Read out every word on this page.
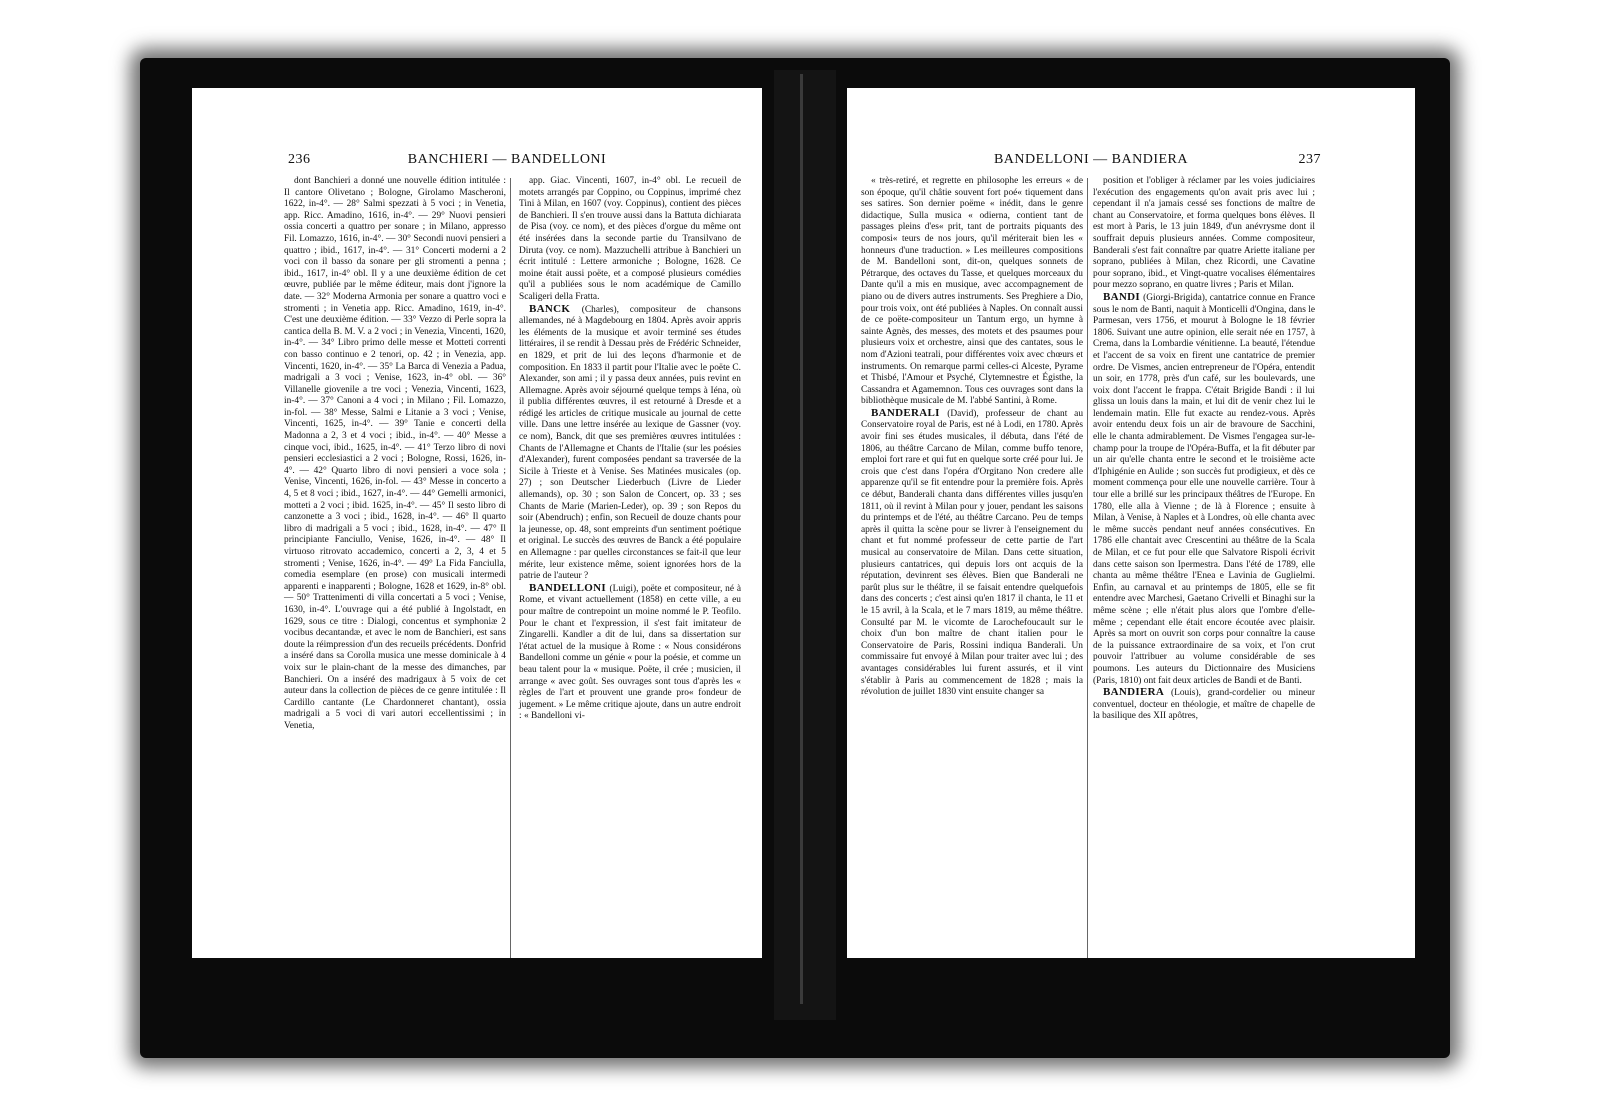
236	BANCHIERI — BANDELLONI

dont Banchieri a donné une nouvelle édition intitulée : Il cantore Olivetano ; Bologne, Girolamo Mascheroni, 1622, in-4°. — 28° Salmi spezzati à 5 voci ; in Venetia, app. Ricc. Amadino, 1616, in-4°. — 29° Nuovi pensieri ossia concerti a quattro per sonare ; in Milano, appresso Fil. Lomazzo, 1616, in-4°. — 30° Secondi nuovi pensieri a quattro ; ibid., 1617, in-4°. — 31° Concerti moderni a 2 voci con il basso da sonare per gli stromenti a penna ; ibid., 1617, in-4° obl. Il y a une deuxième édition de cet œuvre, publiée par le même éditeur, mais dont j'ignore la date. — 32° Moderna Armonia per sonare a quattro voci e stromenti ; in Venetia app. Ricc. Amadino, 1619, in-4°. C'est une deuxième édition. — 33° Vezzo di Perle sopra la cantica della B. M. V. a 2 voci ; in Venezia, Vincenti, 1620, in-4°. — 34° Libro primo delle messe et Motteti correnti con basso continuo e 2 tenori, op. 42 ; in Venezia, app. Vincenti, 1620, in-4°. — 35° La Barca di Venezia a Padua, madrigali a 3 voci ; Venise, 1623, in-4° obl. — 36° Villanelle giovenile a tre voci ; Venezia, Vincenti, 1623, in-4°. — 37° Canoni a 4 voci ; in Milano ; Fil. Lomazzo, in-fol. — 38° Messe, Salmi e Litanie a 3 voci ; Venise, Vincenti, 1625, in-4°. — 39° Tanie e concerti della Madonna a 2, 3 et 4 voci ; ibid., in-4°. — 40° Messe a cinque voci, ibid., 1625, in-4°. — 41° Terzo libro di novi pensieri ecclesiastici a 2 voci ; Bologne, Rossi, 1626, in-4°. — 42° Quarto libro di novi pensieri a voce sola ; Venise, Vincenti, 1626, in-fol. — 43° Messe in concerto a 4, 5 et 8 voci ; ibid., 1627, in-4°. — 44° Gemelli armonici, motteti a 2 voci ; ibid. 1625, in-4°. — 45° Il sesto libro di canzonette a 3 voci ; ibid., 1628, in-4°. — 46° Il quarto libro di madrigali a 5 voci ; ibid., 1628, in-4°. — 47° Il principiante Fanciullo, Venise, 1626, in-4°. — 48° Il virtuoso ritrovato accademico, concerti a 2, 3, 4 et 5 stromenti ; Venise, 1626, in-4°. — 49° La Fida Fanciulla, comedia esemplare (en prose) con musicali intermedi apparenti e inapparenti ; Bologne, 1628 et 1629, in-8° obl. — 50° Trattenimenti di villa concertati a 5 voci ; Venise, 1630, in-4°. L'ouvrage qui a été publié à Ingolstadt, en 1629, sous ce titre : Dialogi, concentus et symphoniæ 2 vocibus decantandæ, et avec le nom de Banchieri, est sans doute la réimpression d'un des recueils précédents. Donfrid a inséré dans sa Corolla musica une messe dominicale à 4 voix sur le plain-chant de la messe des dimanches, par Banchieri. On a inséré des madrigaux à 5 voix de cet auteur dans la collection de pièces de ce genre intitulée : Il Cardillo cantante (Le Chardonneret chantant), ossia madrigali a 5 voci di vari autori eccellentissimi ; in Venetia,

app. Giac. Vincenti, 1607, in-4° obl. Le recueil de motets arrangés par Coppino, ou Coppinus, imprimé chez Tini à Milan, en 1607 (voy. Coppinus), contient des pièces de Banchieri. Il s'en trouve aussi dans la Battuta dichiarata de Pisa (voy. ce nom), et des pièces d'orgue du même ont été insérées dans la seconde partie du Transilvano de Diruta (voy. ce nom). Mazzuchelli attribue à Banchieri un écrit intitulé : Lettere armoniche ; Bologne, 1628. Ce moine était aussi poëte, et a composé plusieurs comédies qu'il a publiées sous le nom académique de Camillo Scaligeri della Fratta.

BANCK (Charles), compositeur de chansons allemandes, né à Magdebourg en 1804. Après avoir appris les éléments de la musique et avoir terminé ses études littéraires, il se rendit à Dessau près de Frédéric Schneider, en 1829, et prit de lui des leçons d'harmonie et de composition. En 1833 il partit pour l'Italie avec le poëte C. Alexander, son ami ; il y passa deux années, puis revint en Allemagne. Après avoir séjourné quelque temps à Iéna, où il publia différentes œuvres, il est retourné à Dresde et a rédigé les articles de critique musicale au journal de cette ville. Dans une lettre insérée au lexique de Gassner (voy. ce nom), Banck, dit que ses premières œuvres intitulées : Chants de l'Allemagne et Chants de l'Italie (sur les poésies d'Alexander), furent composées pendant sa traversée de la Sicile à Trieste et à Venise. Ses Matinées musicales (op. 27) ; son Deutscher Liederbuch (Livre de Lieder allemands), op. 30 ; son Salon de Concert, op. 33 ; ses Chants de Marie (Marien-Leder), op. 39 ; son Repos du soir (Abendruch) ; enfin, son Recueil de douze chants pour la jeunesse, op. 48, sont empreints d'un sentiment poétique et original. Le succès des œuvres de Banck a été populaire en Allemagne : par quelles circonstances se fait-il que leur mérite, leur existence même, soient ignorées hors de la patrie de l'auteur ?

BANDELLONI (Luigi), poëte et compositeur, né à Rome, et vivant actuellement (1858) en cette ville, a eu pour maître de contrepoint un moine nommé le P. Teofilo. Pour le chant et l'expression, il s'est fait imitateur de Zingarelli. Kandler a dit de lui, dans sa dissertation sur l'état actuel de la musique à Rome : « Nous considérons Bandelloni comme un génie « pour la poésie, et comme un beau talent pour la « musique. Poëte, il crée ; musicien, il arrange « avec goût. Ses ouvrages sont tous d'après les « règles de l'art et prouvent une grande pro« fondeur de jugement. » Le même critique ajoute, dans un autre endroit : « Bandelloni vi-

BANDELLONI — BANDIERA	237

« très-retiré, et regrette en philosophe les erreurs « de son époque, qu'il châtie souvent fort poé« tiquement dans ses satires. Son dernier poëme « inédit, dans le genre didactique, Sulla musica « odierna, contient tant de passages pleins d'es« prit, tant de portraits piquants des composi« teurs de nos jours, qu'il mériterait bien les « honneurs d'une traduction. » Les meilleures compositions de M. Bandelloni sont, dit-on, quelques sonnets de Pétrarque, des octaves du Tasse, et quelques morceaux du Dante qu'il a mis en musique, avec accompagnement de piano ou de divers autres instruments. Ses Preghiere a Dio, pour trois voix, ont été publiées à Naples. On connaît aussi de ce poëte-compositeur un Tantum ergo, un hymne à sainte Agnès, des messes, des motets et des psaumes pour plusieurs voix et orchestre, ainsi que des cantates, sous le nom d'Azioni teatrali, pour différentes voix avec chœurs et instruments. On remarque parmi celles-ci Alceste, Pyrame et Thisbé, l'Amour et Psyché, Clytemnestre et Égisthe, la Cassandra et Agamemnon. Tous ces ouvrages sont dans la bibliothèque musicale de M. l'abbé Santini, à Rome.

BANDERALI (David), professeur de chant au Conservatoire royal de Paris, est né à Lodi, en 1780. Après avoir fini ses études musicales, il débuta, dans l'été de 1806, au théâtre Carcano de Milan, comme buffo tenore, emploi fort rare et qui fut en quelque sorte créé pour lui. Je crois que c'est dans l'opéra d'Orgitano Non credere alle apparenze qu'il se fit entendre pour la première fois. Après ce début, Banderali chanta dans différentes villes jusqu'en 1811, où il revint à Milan pour y jouer, pendant les saisons du printemps et de l'été, au théâtre Carcano. Peu de temps après il quitta la scène pour se livrer à l'enseignement du chant et fut nommé professeur de cette partie de l'art musical au conservatoire de Milan. Dans cette situation, plusieurs cantatrices, qui depuis lors ont acquis de la réputation, devinrent ses élèves. Bien que Banderali ne parût plus sur le théâtre, il se faisait entendre quelquefois dans des concerts ; c'est ainsi qu'en 1817 il chanta, le 11 et le 15 avril, à la Scala, et le 7 mars 1819, au même théâtre. Consulté par M. le vicomte de Larochefoucault sur le choix d'un bon maître de chant italien pour le Conservatoire de Paris, Rossini indiqua Banderali. Un commissaire fut envoyé à Milan pour traiter avec lui ; des avantages considérables lui furent assurés, et il vint s'établir à Paris au commencement de 1828 ; mais la révolution de juillet 1830 vint ensuite changer sa

position et l'obliger à réclamer par les voies judiciaires l'exécution des engagements qu'on avait pris avec lui ; cependant il n'a jamais cessé ses fonctions de maître de chant au Conservatoire, et forma quelques bons élèves. Il est mort à Paris, le 13 juin 1849, d'un anévrysme dont il souffrait depuis plusieurs années. Comme compositeur, Banderali s'est fait connaître par quatre Ariette italiane per soprano, publiées à Milan, chez Ricordi, une Cavatine pour soprano, ibid., et Vingt-quatre vocalises élémentaires pour mezzo soprano, en quatre livres ; Paris et Milan.

BANDI (Giorgi-Brigida), cantatrice connue en France sous le nom de Banti, naquit à Monticelli d'Ongina, dans le Parmesan, vers 1756, et mourut à Bologne le 18 février 1806. Suivant une autre opinion, elle serait née en 1757, à Crema, dans la Lombardie vénitienne. La beauté, l'étendue et l'accent de sa voix en firent une cantatrice de premier ordre. De Vismes, ancien entrepreneur de l'Opéra, entendit un soir, en 1778, près d'un café, sur les boulevards, une voix dont l'accent le frappa. C'était Brigide Bandi : il lui glissa un louis dans la main, et lui dit de venir chez lui le lendemain matin. Elle fut exacte au rendez-vous. Après avoir entendu deux fois un air de bravoure de Sacchini, elle le chanta admirablement. De Vismes l'engagea sur-le-champ pour la troupe de l'Opéra-Buffa, et la fit débuter par un air qu'elle chanta entre le second et le troisième acte d'Iphigénie en Aulide ; son succès fut prodigieux, et dès ce moment commença pour elle une nouvelle carrière. Tour à tour elle a brillé sur les principaux théâtres de l'Europe. En 1780, elle alla à Vienne ; de là à Florence ; ensuite à Milan, à Venise, à Naples et à Londres, où elle chanta avec le même succès pendant neuf années consécutives. En 1786 elle chantait avec Crescentini au théâtre de la Scala de Milan, et ce fut pour elle que Salvatore Rispoli écrivit dans cette saison son Ipermestra. Dans l'été de 1789, elle chanta au même théâtre l'Enea e Lavinia de Guglielmi. Enfin, au carnaval et au printemps de 1805, elle se fit entendre avec Marchesi, Gaetano Crivelli et Binaghi sur la même scène ; elle n'était plus alors que l'ombre d'elle-même ; cependant elle était encore écoutée avec plaisir. Après sa mort on ouvrit son corps pour connaître la cause de la puissance extraordinaire de sa voix, et l'on crut pouvoir l'attribuer au volume considérable de ses poumons. Les auteurs du Dictionnaire des Musiciens (Paris, 1810) ont fait deux articles de Bandi et de Banti.

BANDIERA (Louis), grand-cordelier ou mineur conventuel, docteur en théologie, et maître de chapelle de la basilique des XII apôtres,
